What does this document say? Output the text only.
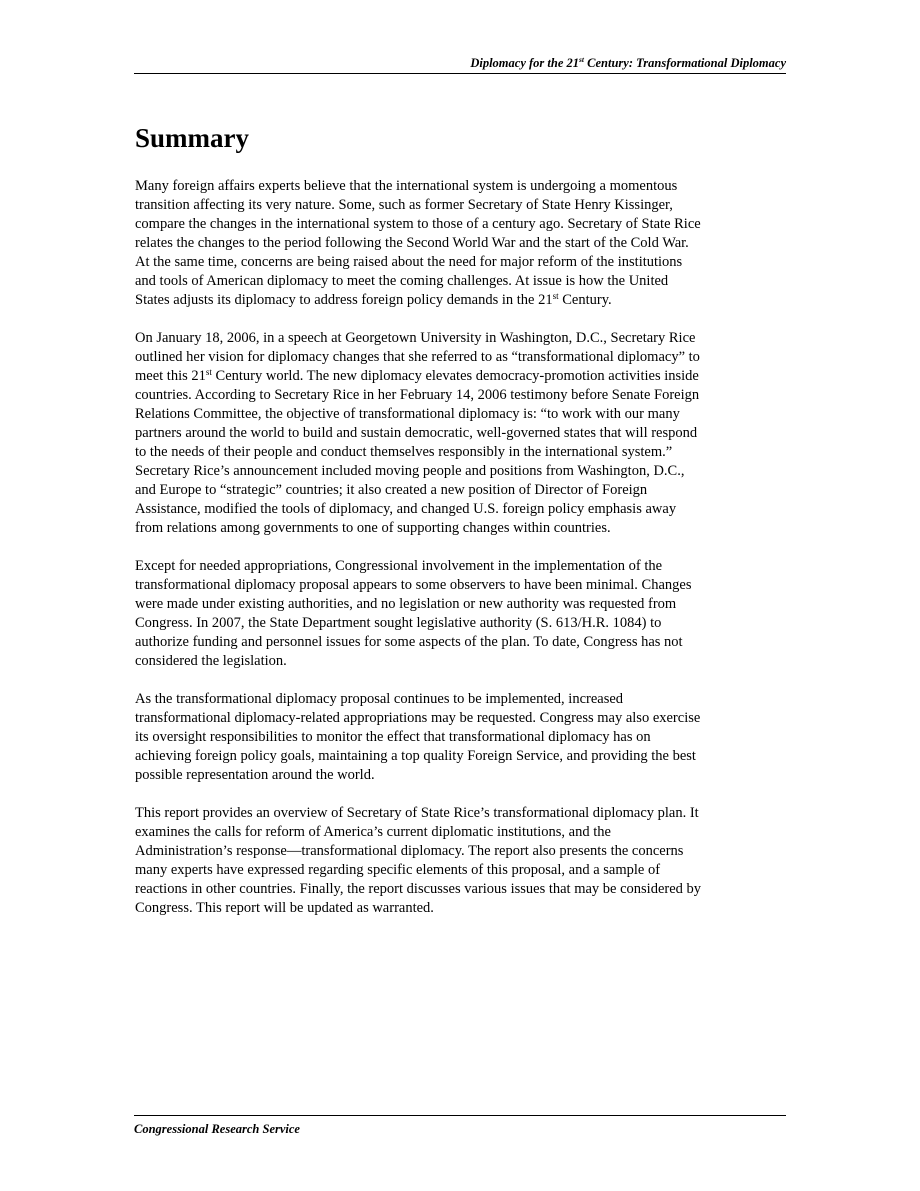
Diplomacy for the 21st Century: Transformational Diplomacy
Summary

Many foreign affairs experts believe that the international system is undergoing a momentous
transition affecting its very nature. Some, such as former Secretary of State Henry Kissinger,
compare the changes in the international system to those of a century ago. Secretary of State Rice
relates the changes to the period following the Second World War and the start of the Cold War.
At the same time, concerns are being raised about the need for major reform of the institutions
and tools of American diplomacy to meet the coming challenges. At issue is how the United
States adjusts its diplomacy to address foreign policy demands in the 21st Century.

On January 18, 2006, in a speech at Georgetown University in Washington, D.C., Secretary Rice
outlined her vision for diplomacy changes that she referred to as “transformational diplomacy” to
meet this 21st Century world. The new diplomacy elevates democracy-promotion activities inside
countries. According to Secretary Rice in her February 14, 2006 testimony before Senate Foreign
Relations Committee, the objective of transformational diplomacy is: “to work with our many
partners around the world to build and sustain democratic, well-governed states that will respond
to the needs of their people and conduct themselves responsibly in the international system.”
Secretary Rice’s announcement included moving people and positions from Washington, D.C.,
and Europe to “strategic” countries; it also created a new position of Director of Foreign
Assistance, modified the tools of diplomacy, and changed U.S. foreign policy emphasis away
from relations among governments to one of supporting changes within countries.

Except for needed appropriations, Congressional involvement in the implementation of the
transformational diplomacy proposal appears to some observers to have been minimal. Changes
were made under existing authorities, and no legislation or new authority was requested from
Congress. In 2007, the State Department sought legislative authority (S. 613/H.R. 1084) to
authorize funding and personnel issues for some aspects of the plan. To date, Congress has not
considered the legislation.

As the transformational diplomacy proposal continues to be implemented, increased
transformational diplomacy-related appropriations may be requested. Congress may also exercise
its oversight responsibilities to monitor the effect that transformational diplomacy has on
achieving foreign policy goals, maintaining a top quality Foreign Service, and providing the best
possible representation around the world.

This report provides an overview of Secretary of State Rice’s transformational diplomacy plan. It
examines the calls for reform of America’s current diplomatic institutions, and the
Administration’s response—transformational diplomacy. The report also presents the concerns
many experts have expressed regarding specific elements of this proposal, and a sample of
reactions in other countries. Finally, the report discusses various issues that may be considered by
Congress. This report will be updated as warranted.

Congressional Research Service
